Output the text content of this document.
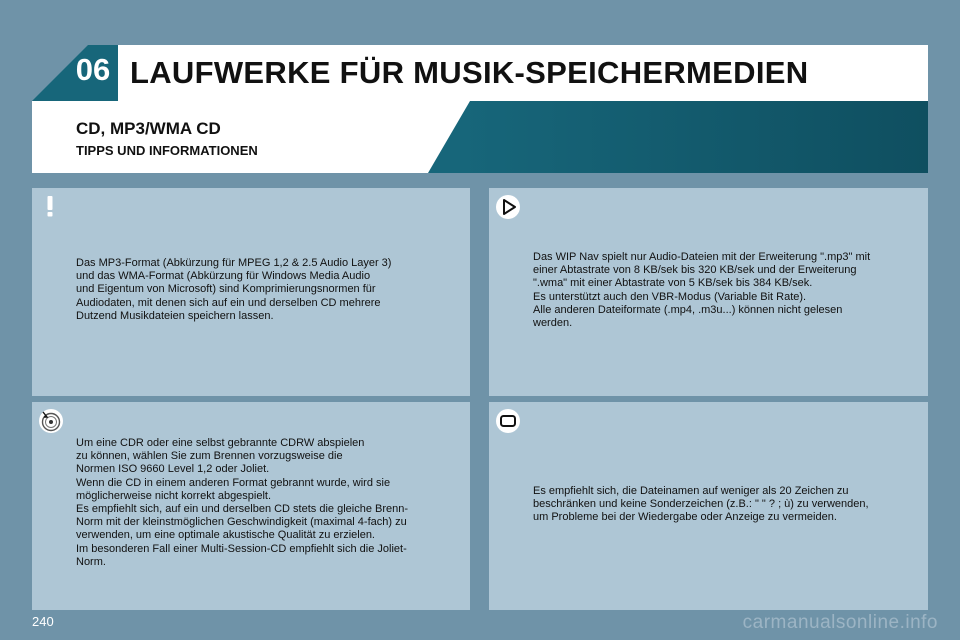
06 LAUFWERKE FÜR MUSIK-SPEICHERMEDIEN
CD, MP3/WMA CD
TIPPS UND INFORMATIONEN
Das MP3-Format (Abkürzung für MPEG 1,2 & 2.5 Audio Layer 3)
und das WMA-Format (Abkürzung für Windows Media Audio
und Eigentum von Microsoft) sind Komprimierungsnormen für
Audiodaten, mit denen sich auf ein und derselben CD mehrere
Dutzend Musikdateien speichern lassen.
Das WIP Nav spielt nur Audio-Dateien mit der Erweiterung ".mp3" mit
einer Abtastrate von 8 KB/sek bis 320 KB/sek und der Erweiterung
".wma" mit einer Abtastrate von 5 KB/sek bis 384 KB/sek.
Es unterstützt auch den VBR-Modus (Variable Bit Rate).
Alle anderen Dateiformate (.mp4, .m3u...) können nicht gelesen
werden.
Um eine CDR oder eine selbst gebrannte CDRW abspielen
zu können, wählen Sie zum Brennen vorzugsweise die
Normen ISO 9660 Level 1,2 oder Joliet.
Wenn die CD in einem anderen Format gebrannt wurde, wird sie
möglicherweise nicht korrekt abgespielt.
Es empfiehlt sich, auf ein und derselben CD stets die gleiche Brenn-
Norm mit der kleinstmöglichen Geschwindigkeit (maximal 4-fach) zu
verwenden, um eine optimale akustische Qualität zu erzielen.
Im besonderen Fall einer Multi-Session-CD empfiehlt sich die Joliet-
Norm.
Es empfiehlt sich, die Dateinamen auf weniger als 20 Zeichen zu
beschränken und keine Sonderzeichen (z.B.: " " ? ; ù) zu verwenden,
um Probleme bei der Wiedergabe oder Anzeige zu vermeiden.
240	carmanualsonline.info
